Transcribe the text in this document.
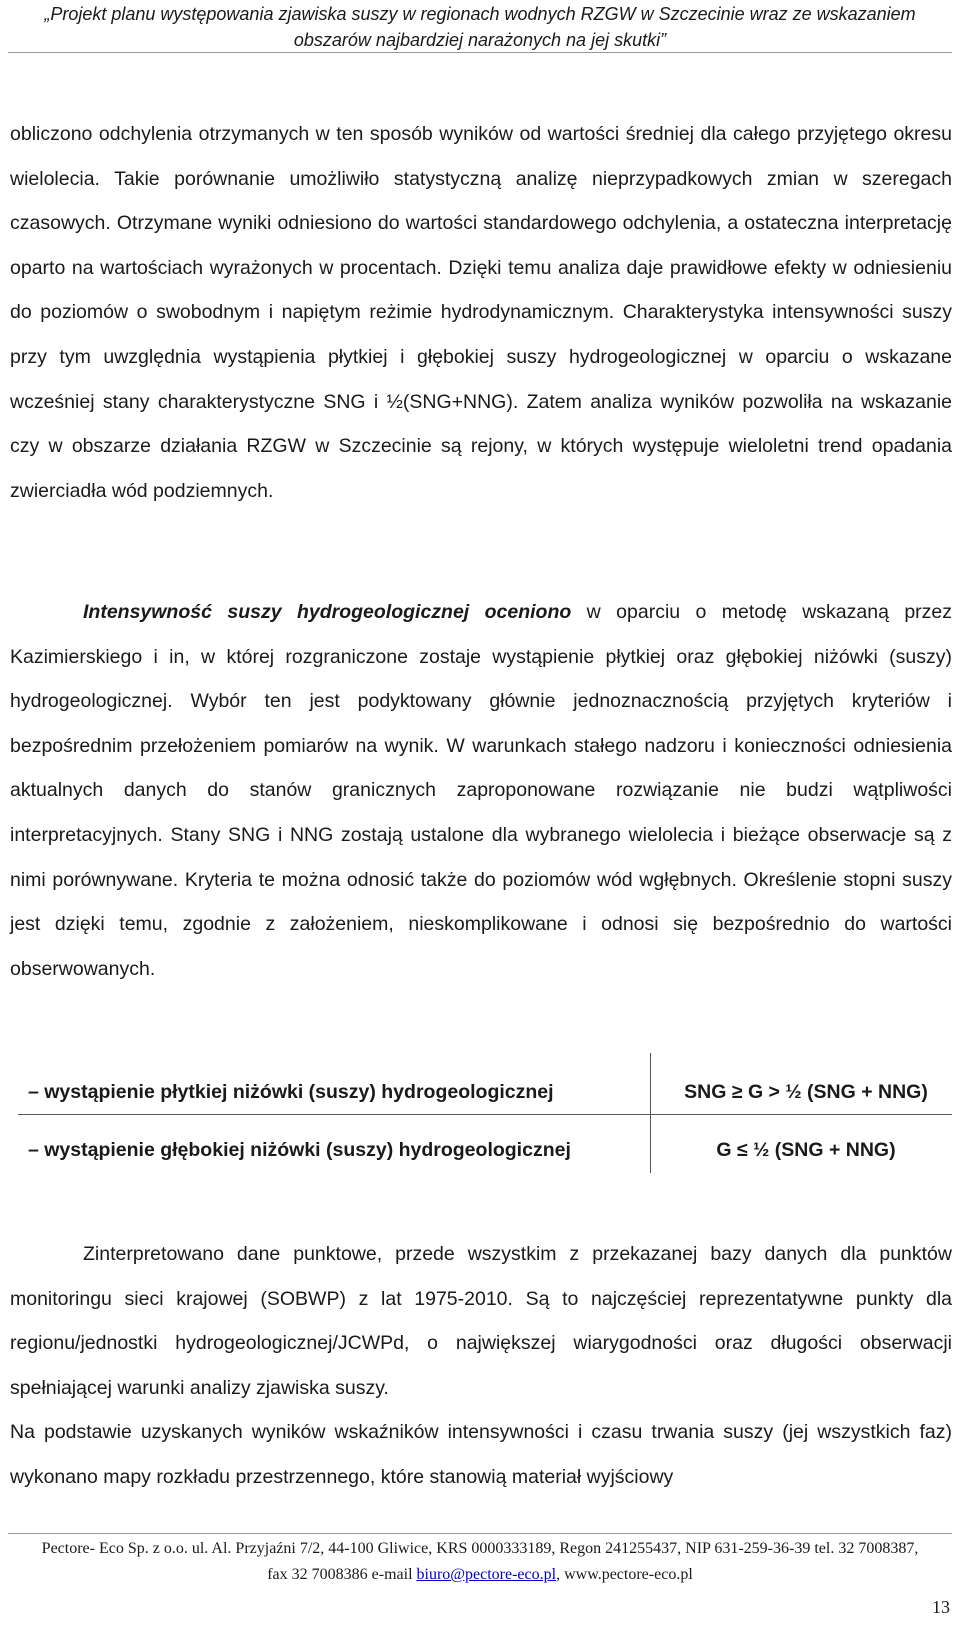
„Projekt planu występowania zjawiska suszy w regionach wodnych RZGW w Szczecinie wraz ze wskazaniem
obszarów najbardziej narażonych na jej skutki”

obliczono odchylenia otrzymanych w ten sposób wyników od wartości średniej dla całego przyjętego okresu wielolecia. Takie porównanie umożliwiło statystyczną analizę nieprzypadkowych zmian w szeregach czasowych. Otrzymane wyniki odniesiono do wartości standardowego odchylenia, a ostateczna interpretację oparto na wartościach wyrażonych w procentach. Dzięki temu analiza daje prawidłowe efekty w odniesieniu do poziomów o swobodnym i napiętym reżimie hydrodynamicznym. Charakterystyka intensywności suszy przy tym uwzględnia wystąpienia płytkiej i głębokiej suszy hydrogeologicznej w oparciu o wskazane wcześniej stany charakterystyczne SNG i ½(SNG+NNG). Zatem analiza wyników pozwoliła na wskazanie czy w obszarze działania RZGW w Szczecinie są rejony, w których występuje wieloletni trend opadania zwierciadła wód podziemnych.

Intensywność suszy hydrogeologicznej oceniono w oparciu o metodę wskazaną przez Kazimierskiego i in, w której rozgraniczone zostaje wystąpienie płytkiej oraz głębokiej niżówki (suszy) hydrogeologicznej. Wybór ten jest podyktowany głównie jednoznacznością przyjętych kryteriów i bezpośrednim przełożeniem pomiarów na wynik. W warunkach stałego nadzoru i konieczności odniesienia aktualnych danych do stanów granicznych zaproponowane rozwiązanie nie budzi wątpliwości interpretacyjnych. Stany SNG i NNG zostają ustalone dla wybranego wielolecia i bieżące obserwacje są z nimi porównywane. Kryteria te można odnosić także do poziomów wód wgłębnych. Określenie stopni suszy jest dzięki temu, zgodnie z założeniem, nieskomplikowane i odnosi się bezpośrednio do wartości obserwowanych.
– wystąpienie płytkiej niżówki (suszy) hydrogeologicznej	SNG ≥ G > ½ (SNG + NNG)
– wystąpienie głębokiej niżówki (suszy) hydrogeologicznej	G ≤ ½ (SNG + NNG)

Zinterpretowano dane punktowe, przede wszystkim z przekazanej bazy danych dla punktów monitoringu sieci krajowej (SOBWP) z lat 1975-2010. Są to najczęściej reprezentatywne punkty dla regionu/jednostki hydrogeologicznej/JCWPd, o największej wiarygodności oraz długości obserwacji spełniającej warunki analizy zjawiska suszy.

Na podstawie uzyskanych wyników wskaźników intensywności i czasu trwania suszy (jej wszystkich faz) wykonano mapy rozkładu przestrzennego, które stanowią materiał wyjściowy

Pectore- Eco Sp. z o.o. ul. Al. Przyjaźni 7/2, 44-100 Gliwice, KRS 0000333189, Regon 241255437, NIP 631-259-36-39 tel. 32 7008387, fax 32 7008386 e-mail biuro@pectore-eco.pl, www.pectore-eco.pl
13
